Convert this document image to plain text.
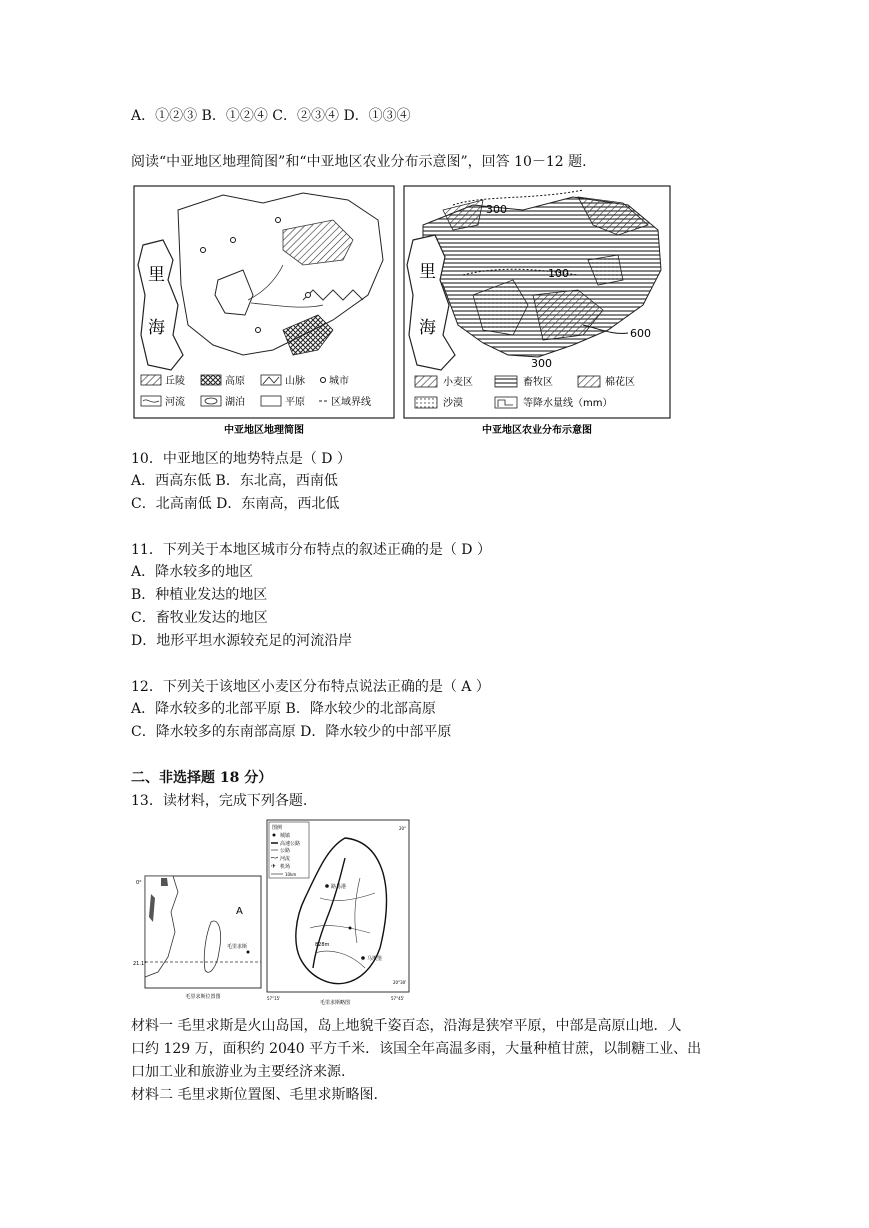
A．①②③ B．①②④ C．②③④ D．①③④
阅读“中亚地区地理简图”和“中亚地区农业分布示意图”，回答 10－12 题.
里
海
丘陵	高原	山脉 城市
河流	湖泊	平原	区域界线
中亚地区地理简图
里
海
300
100
600
300
小麦区	畜牧区	棉花区
沙漠	等降水量线（mm）
中亚地区农业分布示意图
10．中亚地区的地势特点是（ D ）
A．西高东低 B．东北高，西南低
C．北高南低 D．东南高，西北低
11．下列关于本地区城市分布特点的叙述正确的是（ D ）
A．降水较多的地区
B．种植业发达的地区
C．畜牧业发达的地区
D．地形平坦水源较充足的河流沿岸
12．下列关于该地区小麦区分布特点说法正确的是（ A ）
A．降水较多的北部平原 B．降水较少的北部高原
C．降水较多的东南部高原 D．降水较少的中部平原
二、非选择题 18 分）
13．读材料，完成下列各题.
A
毛里求斯
21.1°
0°
毛里求斯位置图
图例
城镇
高速公路
公路
河流
✈ 机场
10km
路易港
马埃堡
828m
20°
20°30'
57°15'	57°45'
毛里求斯略图
材料一 毛里求斯是火山岛国，岛上地貌千姿百态，沿海是狭窄平原，中部是高原山地．人
口约 129 万，面积约 2040 平方千米．该国全年高温多雨，大量种植甘蔗，以制糖工业、出
口加工业和旅游业为主要经济来源.
材料二 毛里求斯位置图、毛里求斯略图.
